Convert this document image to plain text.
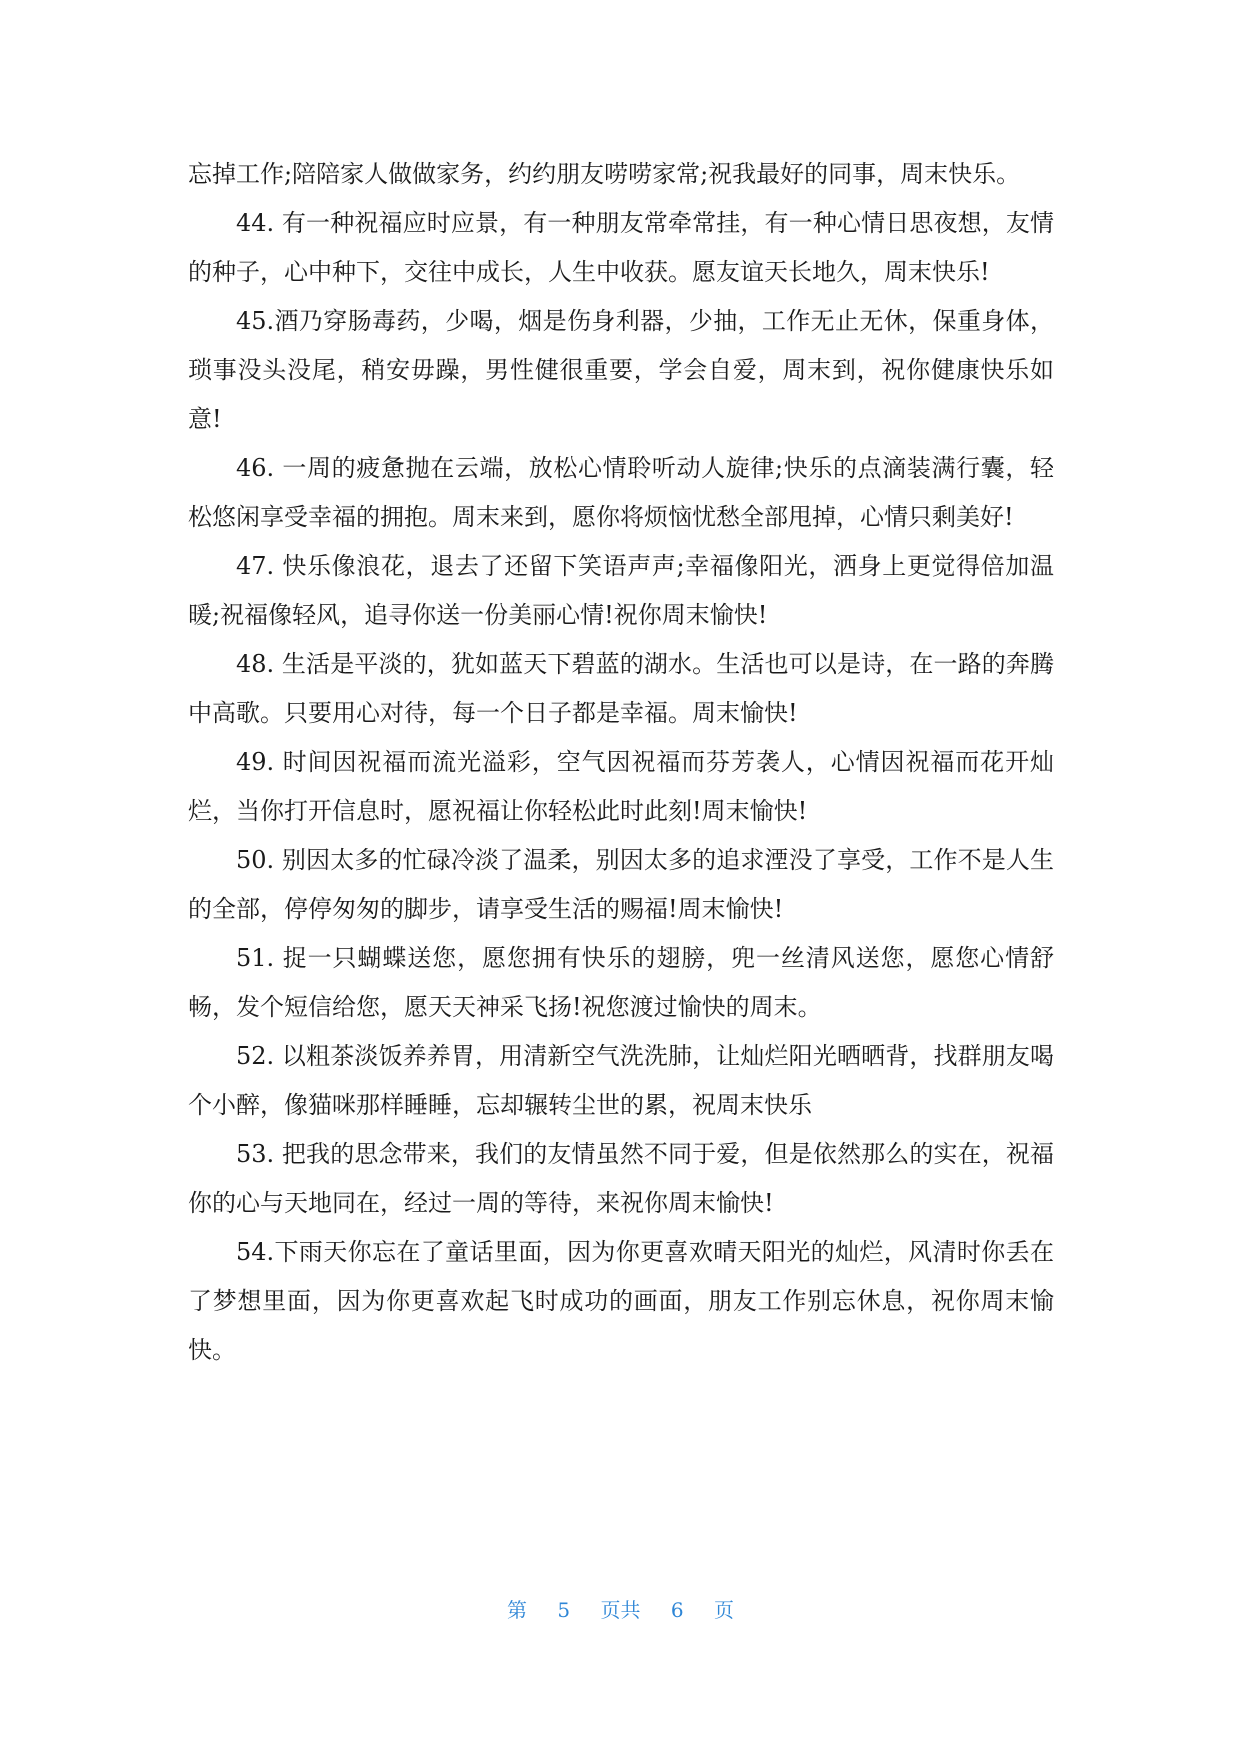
忘掉工作;陪陪家人做做家务，约约朋友唠唠家常;祝我最好的同事，周末快乐。

44. 有一种祝福应时应景，有一种朋友常牵常挂，有一种心情日思夜想，友情的种子，心中种下，交往中成长，人生中收获。愿友谊天长地久，周末快乐!

45.酒乃穿肠毒药，少喝，烟是伤身利器，少抽，工作无止无休，保重身体，琐事没头没尾，稍安毋躁，男性健很重要，学会自爱，周末到，祝你健康快乐如意!

46. 一周的疲惫抛在云端，放松心情聆听动人旋律;快乐的点滴装满行囊，轻松悠闲享受幸福的拥抱。周末来到，愿你将烦恼忧愁全部甩掉，心情只剩美好!

47. 快乐像浪花，退去了还留下笑语声声;幸福像阳光，洒身上更觉得倍加温暖;祝福像轻风，追寻你送一份美丽心情!祝你周末愉快!

48. 生活是平淡的，犹如蓝天下碧蓝的湖水。生活也可以是诗，在一路的奔腾中高歌。只要用心对待，每一个日子都是幸福。周末愉快!

49. 时间因祝福而流光溢彩，空气因祝福而芬芳袭人，心情因祝福而花开灿烂，当你打开信息时，愿祝福让你轻松此时此刻!周末愉快!

50. 别因太多的忙碌冷淡了温柔，别因太多的追求湮没了享受，工作不是人生的全部，停停匆匆的脚步，请享受生活的赐福!周末愉快!

51. 捉一只蝴蝶送您，愿您拥有快乐的翅膀，兜一丝清风送您，愿您心情舒畅，发个短信给您，愿天天神采飞扬!祝您渡过愉快的周末。

52. 以粗茶淡饭养养胃，用清新空气洗洗肺，让灿烂阳光晒晒背，找群朋友喝个小醉，像猫咪那样睡睡，忘却辗转尘世的累，祝周末快乐

53. 把我的思念带来，我们的友情虽然不同于爱，但是依然那么的实在，祝福你的心与天地同在，经过一周的等待，来祝你周末愉快!

54.下雨天你忘在了童话里面，因为你更喜欢晴天阳光的灿烂，风清时你丢在了梦想里面，因为你更喜欢起飞时成功的画面，朋友工作别忘休息，祝你周末愉快。

第 5 页共 6 页
